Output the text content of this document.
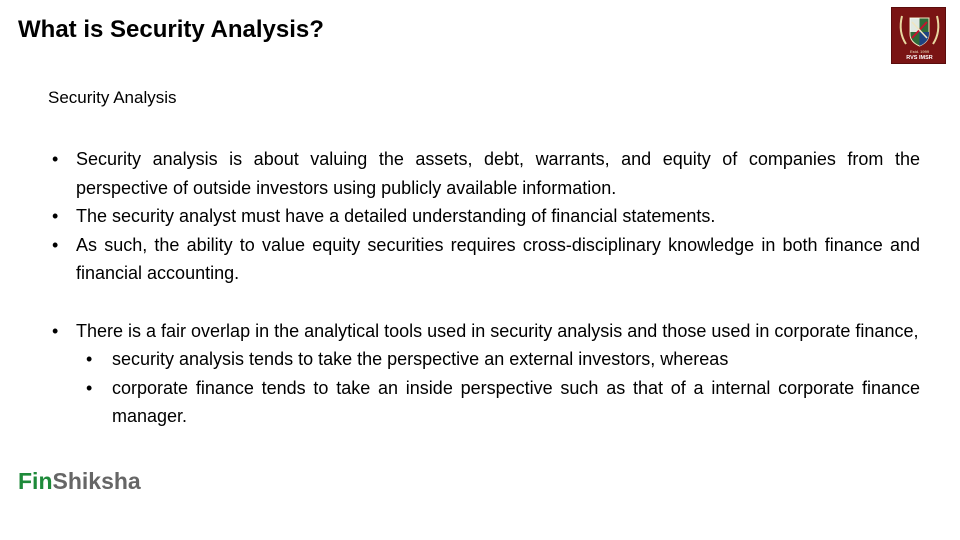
What is Security Analysis?
Estd. 1999
RVS IMSR
Security Analysis
• Security analysis is about valuing the assets, debt, warrants, and equity of companies from the perspective of outside investors using publicly available information.
• The security analyst must have a detailed understanding of financial statements.
• As such, the ability to value equity securities requires cross-disciplinary knowledge in both finance and financial accounting.
• There is a fair overlap in the analytical tools used in security analysis and those used in corporate finance,
• security analysis tends to take the perspective an external investors, whereas
• corporate finance tends to take an inside perspective such as that of a internal corporate finance manager.
FinShiksha
